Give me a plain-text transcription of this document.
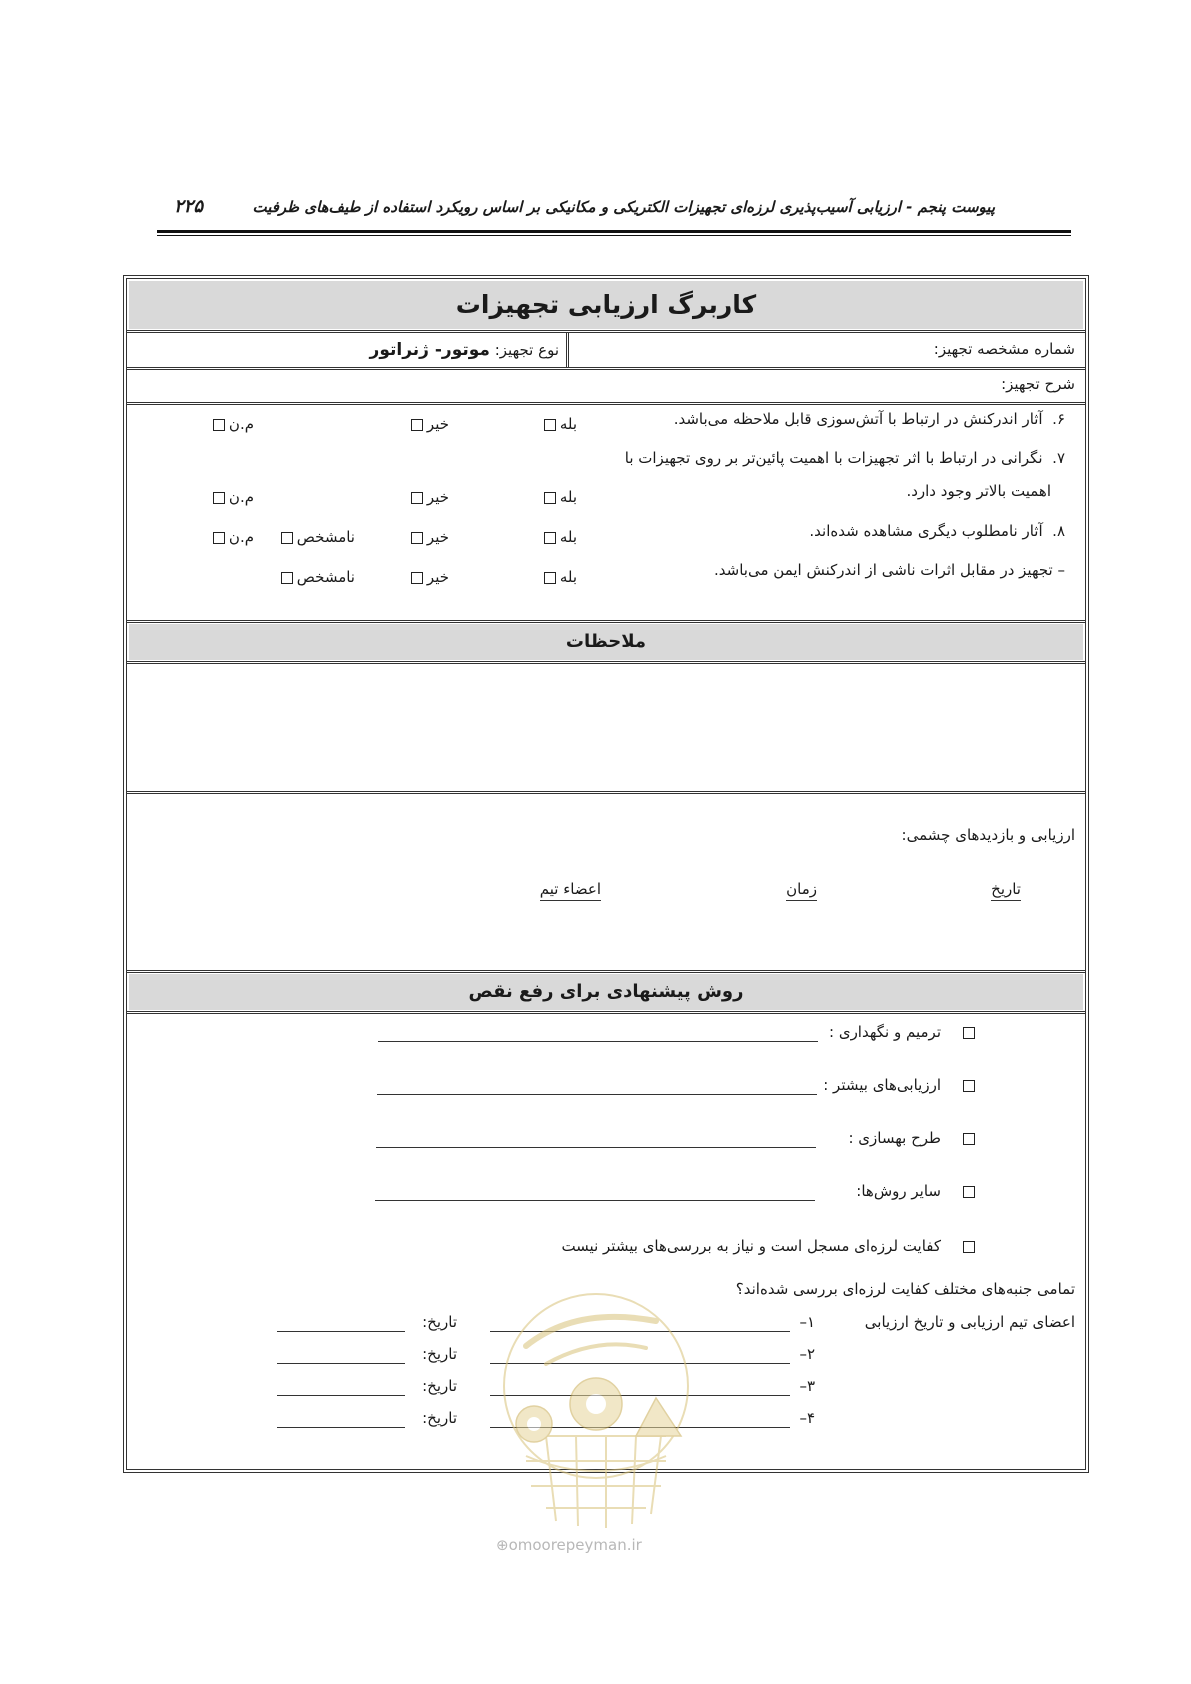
۲۲۵	پیوست پنجم - ارزیابی آسیب‌پذیری لرزه‌ای تجهیزات الکتریکی و مکانیکی بر اساس رویکرد استفاده از طیف‌های ظرفیت
کاربرگ ارزیابی تجهیزات
شماره مشخصه تجهیز:
نوع تجهیز: موتور- ژنراتور
شرح تجهیز:
۶.  آثار اندرکنش در ارتباط با آتش‌سوزی قابل ملاحظه می‌باشد.
بله
خیر
م.ن
۷.  نگرانی در ارتباط با اثر تجهیزات با اهمیت پائین‌تر بر روی تجهیزات با
اهمیت بالاتر وجود دارد.
بله
خیر
م.ن
۸.  آثار نامطلوب دیگری مشاهده شده‌اند.
بله
خیر
نامشخص
م.ن
– تجهیز در مقابل اثرات ناشی از اندرکنش ایمن می‌باشد.
بله
خیر
نامشخص
ملاحظات
ارزیابی و بازدیدهای چشمی:
تاریخ
زمان
اعضاء تیم
روش پیشنهادی برای رفع نقص
ترمیم و نگهداری :
ارزیابی‌های بیشتر :
طرح بهسازی :
سایر روش‌ها:
کفایت لرزه‌ای مسجل است و نیاز به بررسی‌های بیشتر نیست
تمامی جنبه‌های مختلف کفایت لرزه‌ای بررسی شده‌اند؟
اعضای تیم ارزیابی و تاریخ ارزیابی
۱–
تاریخ:
۲–
تاریخ:
۳–
تاریخ:
۴–
تاریخ:
⊕omoorepeyman.ir
